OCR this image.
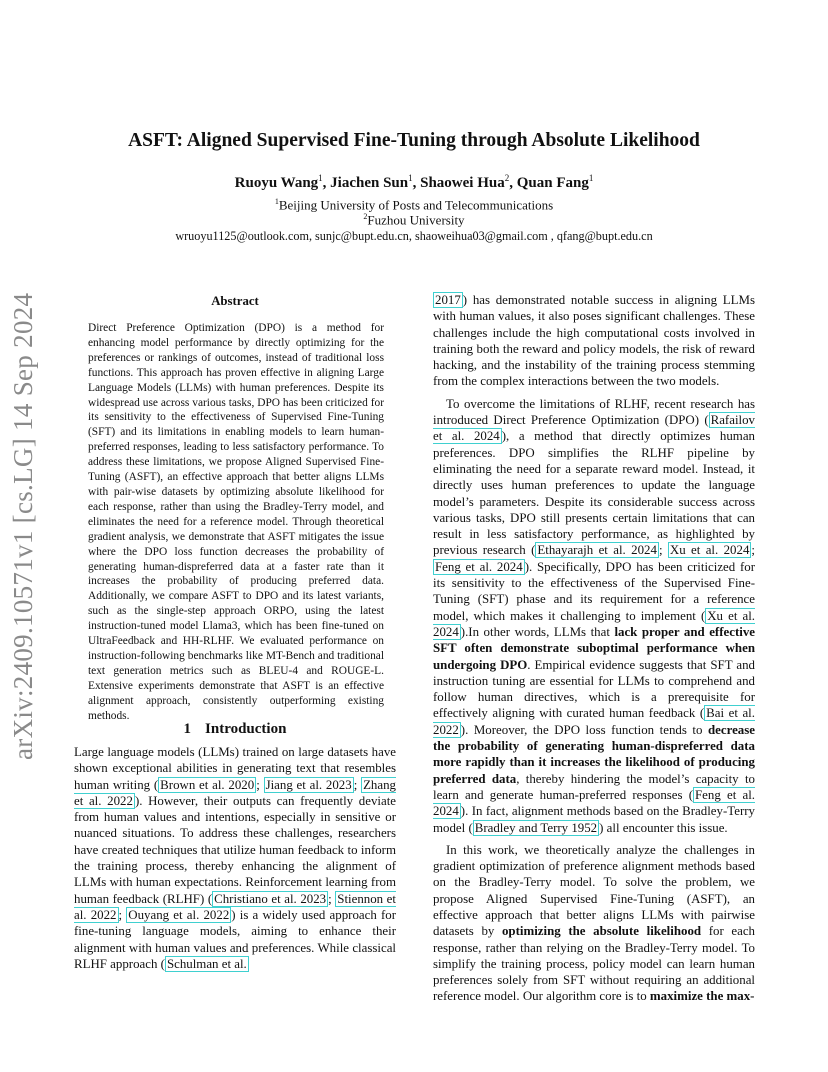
arXiv:2409.10571v1 [cs.LG] 14 Sep 2024
ASFT: Aligned Supervised Fine-Tuning through Absolute Likelihood
Ruoyu Wang$^1$, Jiachen Sun$^1$, Shaowei Hua$^2$, Quan Fang$^1$
$^1$Beijing University of Posts and Telecommunications
$^2$Fuzhou University
wruoyu1125@outlook.com, sunjc@bupt.edu.cn, shaoweihua03@gmail.com , qfang@bupt.edu.cn
Abstract
Direct Preference Optimization (DPO) is a method for enhancing model performance by directly optimizing for the preferences or rankings of outcomes, instead of traditional loss functions. This approach has proven effective in aligning Large Language Models (LLMs) with human preferences. Despite its widespread use across various tasks, DPO has been criticized for its sensitivity to the effectiveness of Supervised Fine-Tuning (SFT) and its limitations in enabling models to learn human-preferred responses, leading to less satisfactory performance. To address these limitations, we propose Aligned Supervised Fine-Tuning (ASFT), an effective approach that better aligns LLMs with pair-wise datasets by optimizing absolute likelihood for each response, rather than using the Bradley-Terry model, and eliminates the need for a reference model. Through theoretical gradient analysis, we demonstrate that ASFT mitigates the issue where the DPO loss function decreases the probability of generating human-dispreferred data at a faster rate than it increases the probability of producing preferred data. Additionally, we compare ASFT to DPO and its latest variants, such as the single-step approach ORPO, using the latest instruction-tuned model Llama3, which has been fine-tuned on UltraFeedback and HH-RLHF. We evaluated performance on instruction-following benchmarks like MT-Bench and traditional text generation metrics such as BLEU-4 and ROUGE-L. Extensive experiments demonstrate that ASFT is an effective alignment approach, consistently outperforming existing methods.
1 Introduction
Large language models (LLMs) trained on large datasets have shown exceptional abilities in generating text that resembles human writing ( Brown et al. 2020 ; Jiang et al. 2023 ; Zhang et al. 2022 ). However, their outputs can frequently deviate from human values and intentions, especially in sensitive or nuanced situations. To address these challenges, researchers have created techniques that utilize human feedback to inform the training process, thereby enhancing the alignment of LLMs with human expectations. Reinforcement learning from human feedback (RLHF) ( Christiano et al. 2023 ; Stiennon et al. 2022 ; Ouyang et al. 2022 ) is a widely used approach for fine-tuning language models, aiming to enhance their alignment with human values and preferences. While classical RLHF approach ( Schulman et al.

2017 ) has demonstrated notable success in aligning LLMs with human values, it also poses significant challenges. These challenges include the high computational costs involved in training both the reward and policy models, the risk of reward hacking, and the instability of the training process stemming from the complex interactions between the two models.

To overcome the limitations of RLHF, recent research has introduced Direct Preference Optimization (DPO) ( Rafailov et al. 2024 ), a method that directly optimizes human preferences. DPO simplifies the RLHF pipeline by eliminating the need for a separate reward model. Instead, it directly uses human preferences to update the language model’s parameters. Despite its considerable success across various tasks, DPO still presents certain limitations that can result in less satisfactory performance, as highlighted by previous research ( Ethayarajh et al. 2024 ; Xu et al. 2024 ; Feng et al. 2024 ). Specifically, DPO has been criticized for its sensitivity to the effectiveness of the Supervised Fine-Tuning (SFT) phase and its requirement for a reference model, which makes it challenging to implement ( Xu et al. 2024 ).In other words, LLMs that lack proper and effective SFT often demonstrate suboptimal performance when undergoing DPO. Empirical evidence suggests that SFT and instruction tuning are essential for LLMs to comprehend and follow human directives, which is a prerequisite for effectively aligning with curated human feedback ( Bai et al. 2022 ). Moreover, the DPO loss function tends to decrease the probability of generating human-dispreferred data more rapidly than it increases the likelihood of producing preferred data, thereby hindering the model’s capacity to learn and generate human-preferred responses ( Feng et al. 2024 ). In fact, alignment methods based on the Bradley-Terry model ( Bradley and Terry 1952 ) all encounter this issue.

In this work, we theoretically analyze the challenges in gradient optimization of preference alignment methods based on the Bradley-Terry model. To solve the problem, we propose Aligned Supervised Fine-Tuning (ASFT), an effective approach that better aligns LLMs with pairwise datasets by optimizing the absolute likelihood for each response, rather than relying on the Bradley-Terry model. To simplify the training process, policy model can learn human preferences solely from SFT without requiring an additional reference model. Our algorithm core is to maximize the max-
